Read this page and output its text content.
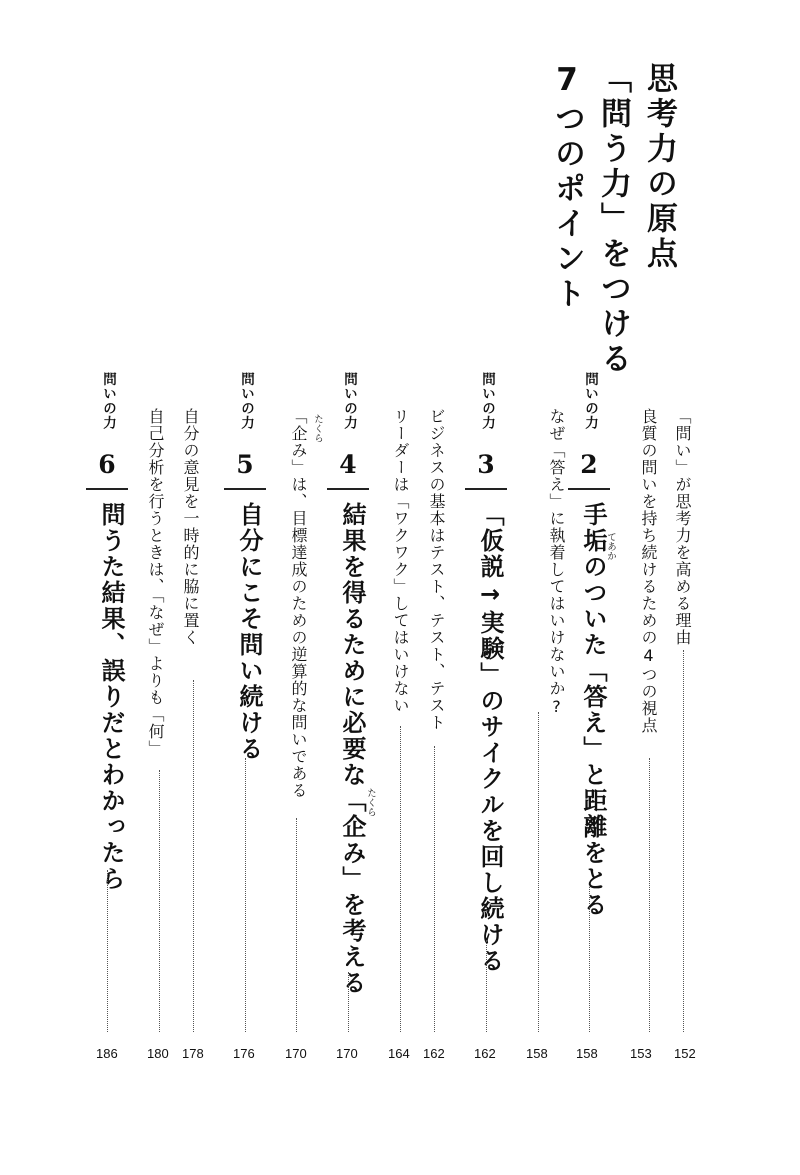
思考力の原点
「問う力」をつける
7つのポイント
「問い」が思考力を高める理由
152
良質の問いを持ち続けるための4つの視点
153
問いの力
2
手垢のついた「答え」と距離をとる
てあか
158
なぜ「答え」に執着してはいけないか?
158
問いの力
3
「仮説→実験」のサイクルを回し続ける
162
ビジネスの基本はテスト、テスト、テスト
162
リーダーは「ワクワク」してはいけない
164
問いの力
4
結果を得るために必要な「企み」を考える たくら
170
「企み」は、目標達成のための逆算的な問いである たくら
170
問いの力
5
自分にこそ問い続ける
176
自分の意見を一時的に脇に置く
178
自己分析を行うときは、「なぜ」よりも「何」
180
問いの力
6
問うた結果、誤りだとわかったら
186
